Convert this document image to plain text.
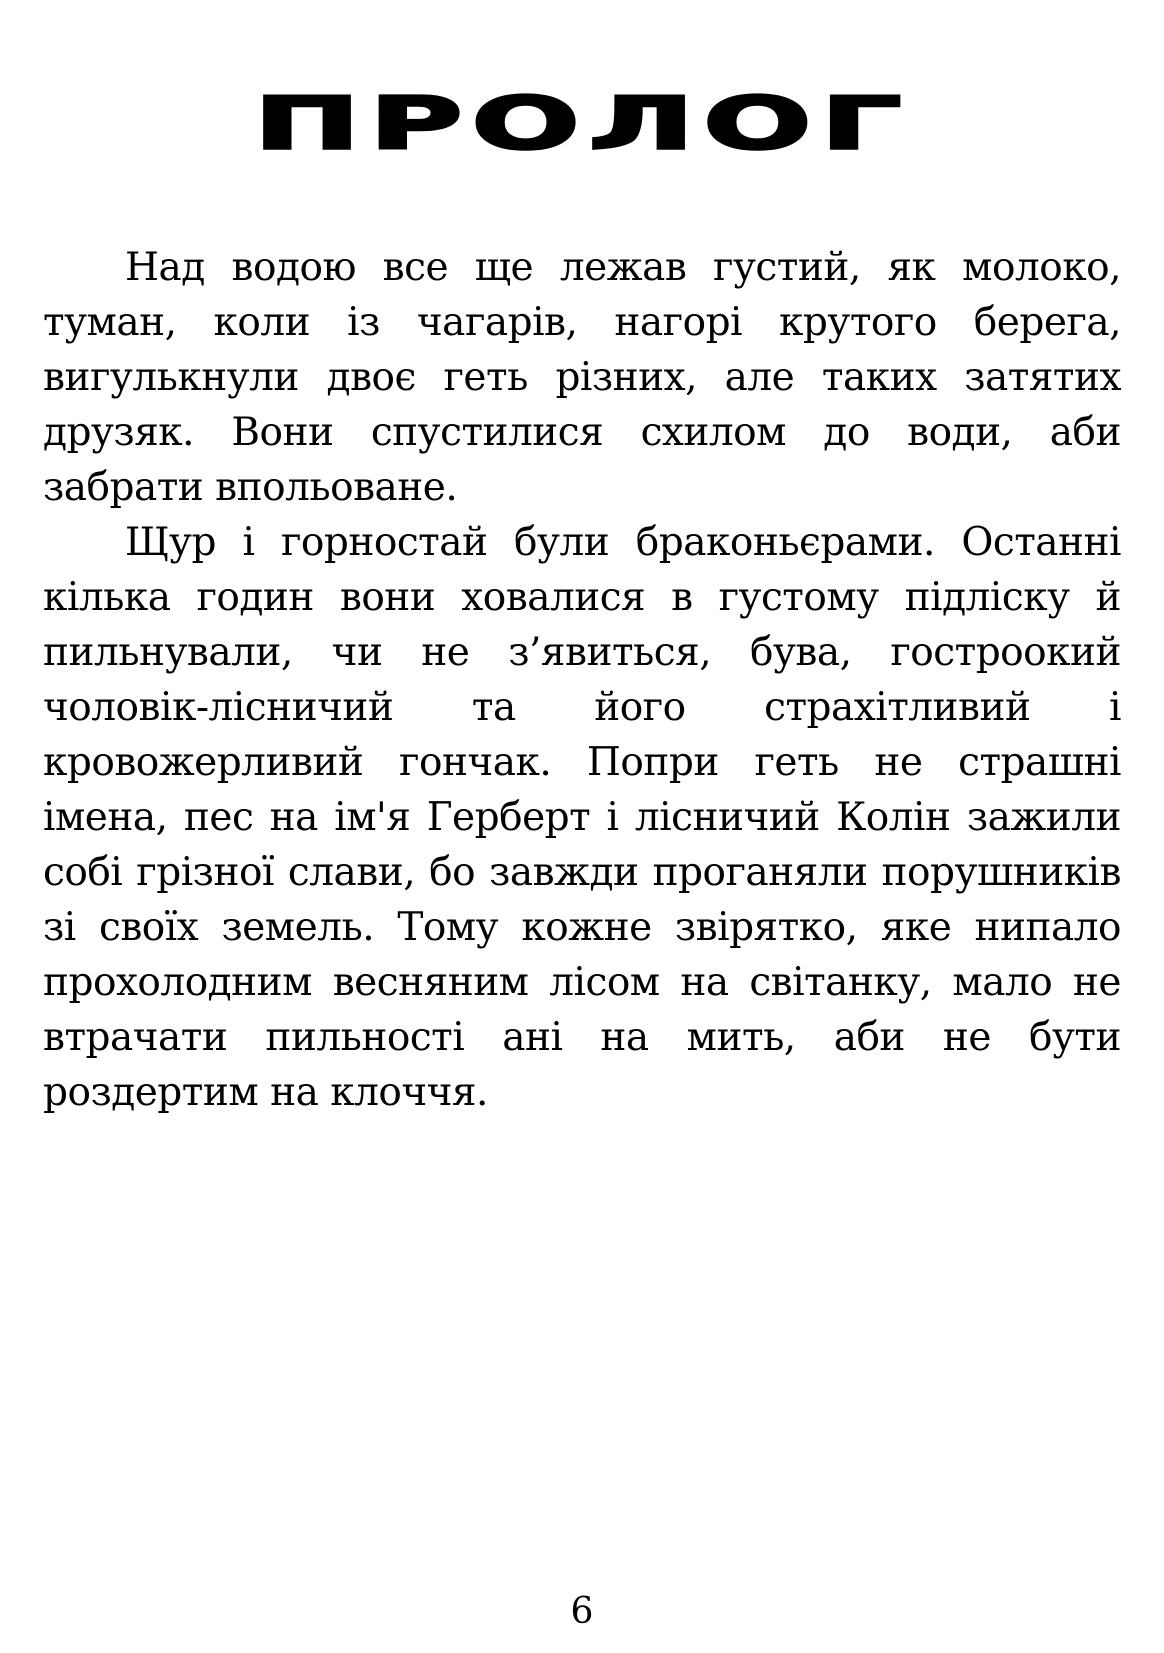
ПРОЛОГ

Над водою все ще лежав густий, як молоко, туман, коли із чагарів, нагорі крутого берега, вигулькнули двоє геть різних, але таких затятих друзяк. Вони спустилися схилом до води, аби забрати впольоване.

Щур і горностай були браконьєрами. Останні кілька годин вони ховалися в густому підліску й пильнували, чи не з’явиться, бува, гостроокий чоловік-лісничий та його страхітливий і кровожерливий гончак. Попри геть не страшні імена, пес на ім'я Герберт і лісничий Колін зажили собі грізної слави, бо завжди проганяли порушників зі своїх земель. Тому кожне звірятко, яке нипало прохолодним весняним лісом на світанку, мало не втрачати пильності ані на мить, аби не бути роздертим на клоччя.

6
